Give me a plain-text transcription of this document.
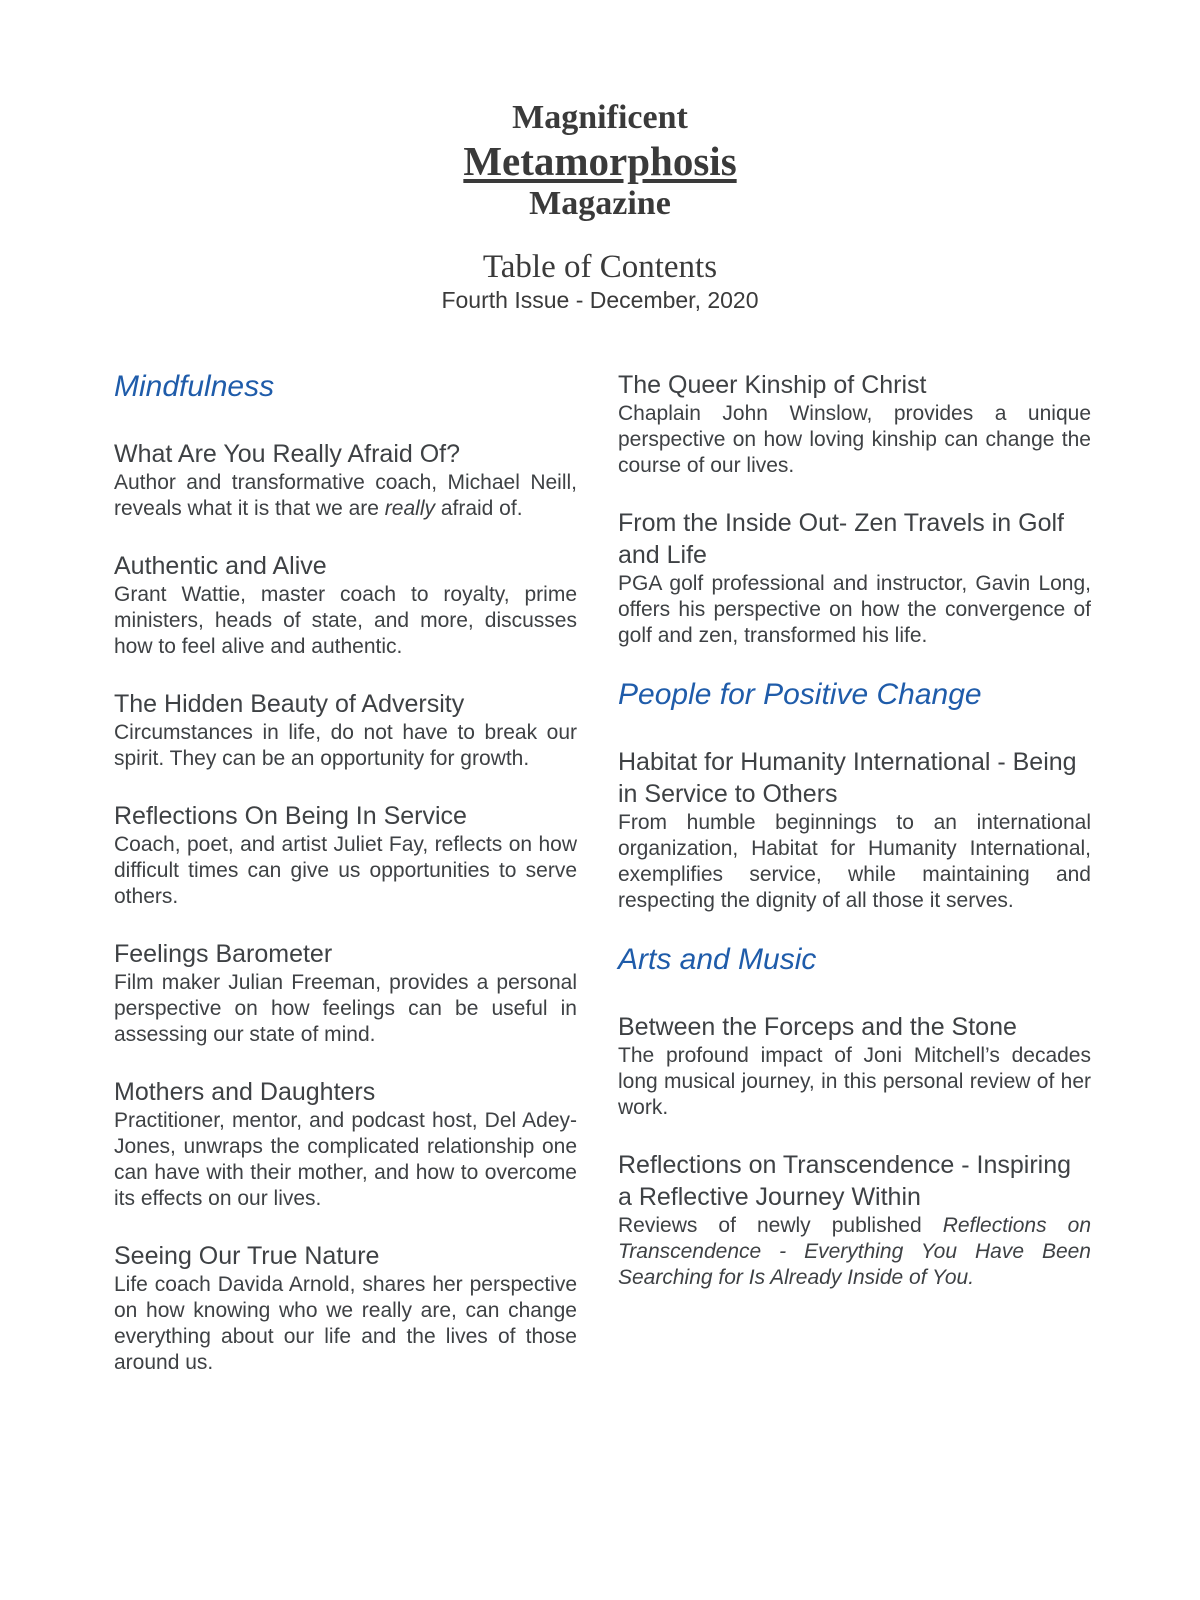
Magnificent
Metamorphosis
Magazine
Table of Contents
Fourth Issue - December, 2020
Mindfulness
What Are You Really Afraid Of?

Author and transformative coach, Michael Neill, reveals what it is that we are really afraid of.

Authentic and Alive

Grant Wattie, master coach to royalty, prime ministers, heads of state, and more, discusses how to feel alive and authentic.

The Hidden Beauty of Adversity

Circumstances in life, do not have to break our spirit. They can be an opportunity for growth.

Reflections On Being In Service

Coach, poet, and artist Juliet Fay, reflects on how difficult times can give us opportunities to serve others.

Feelings Barometer

Film maker Julian Freeman, provides a personal perspective on how feelings can be useful in assessing our state of mind.

Mothers and Daughters

Practitioner, mentor, and podcast host, Del Adey-Jones, unwraps the complicated relationship one can have with their mother, and how to overcome its effects on our lives.

Seeing Our True Nature

Life coach Davida Arnold, shares her perspective on how knowing who we really are, can change everything about our life and the lives of those around us.

The Queer Kinship of Christ

Chaplain John Winslow, provides a unique perspective on how loving kinship can change the course of our lives.

From the Inside Out- Zen Travels in Golf and Life

PGA golf professional and instructor, Gavin Long, offers his perspective on how the convergence of golf and zen, transformed his life.

People for Positive Change
Habitat for Humanity International - Being in Service to Others

From humble beginnings to an international organization, Habitat for Humanity International, exemplifies service, while maintaining and respecting the dignity of all those it serves.

Arts and Music
Between the Forceps and the Stone

The profound impact of Joni Mitchell’s decades long musical journey, in this personal review of her work.

Reflections on Transcendence - Inspiring a Reflective Journey Within

Reviews of newly published Reflections on Transcendence - Everything You Have Been Searching for Is Already Inside of You.
